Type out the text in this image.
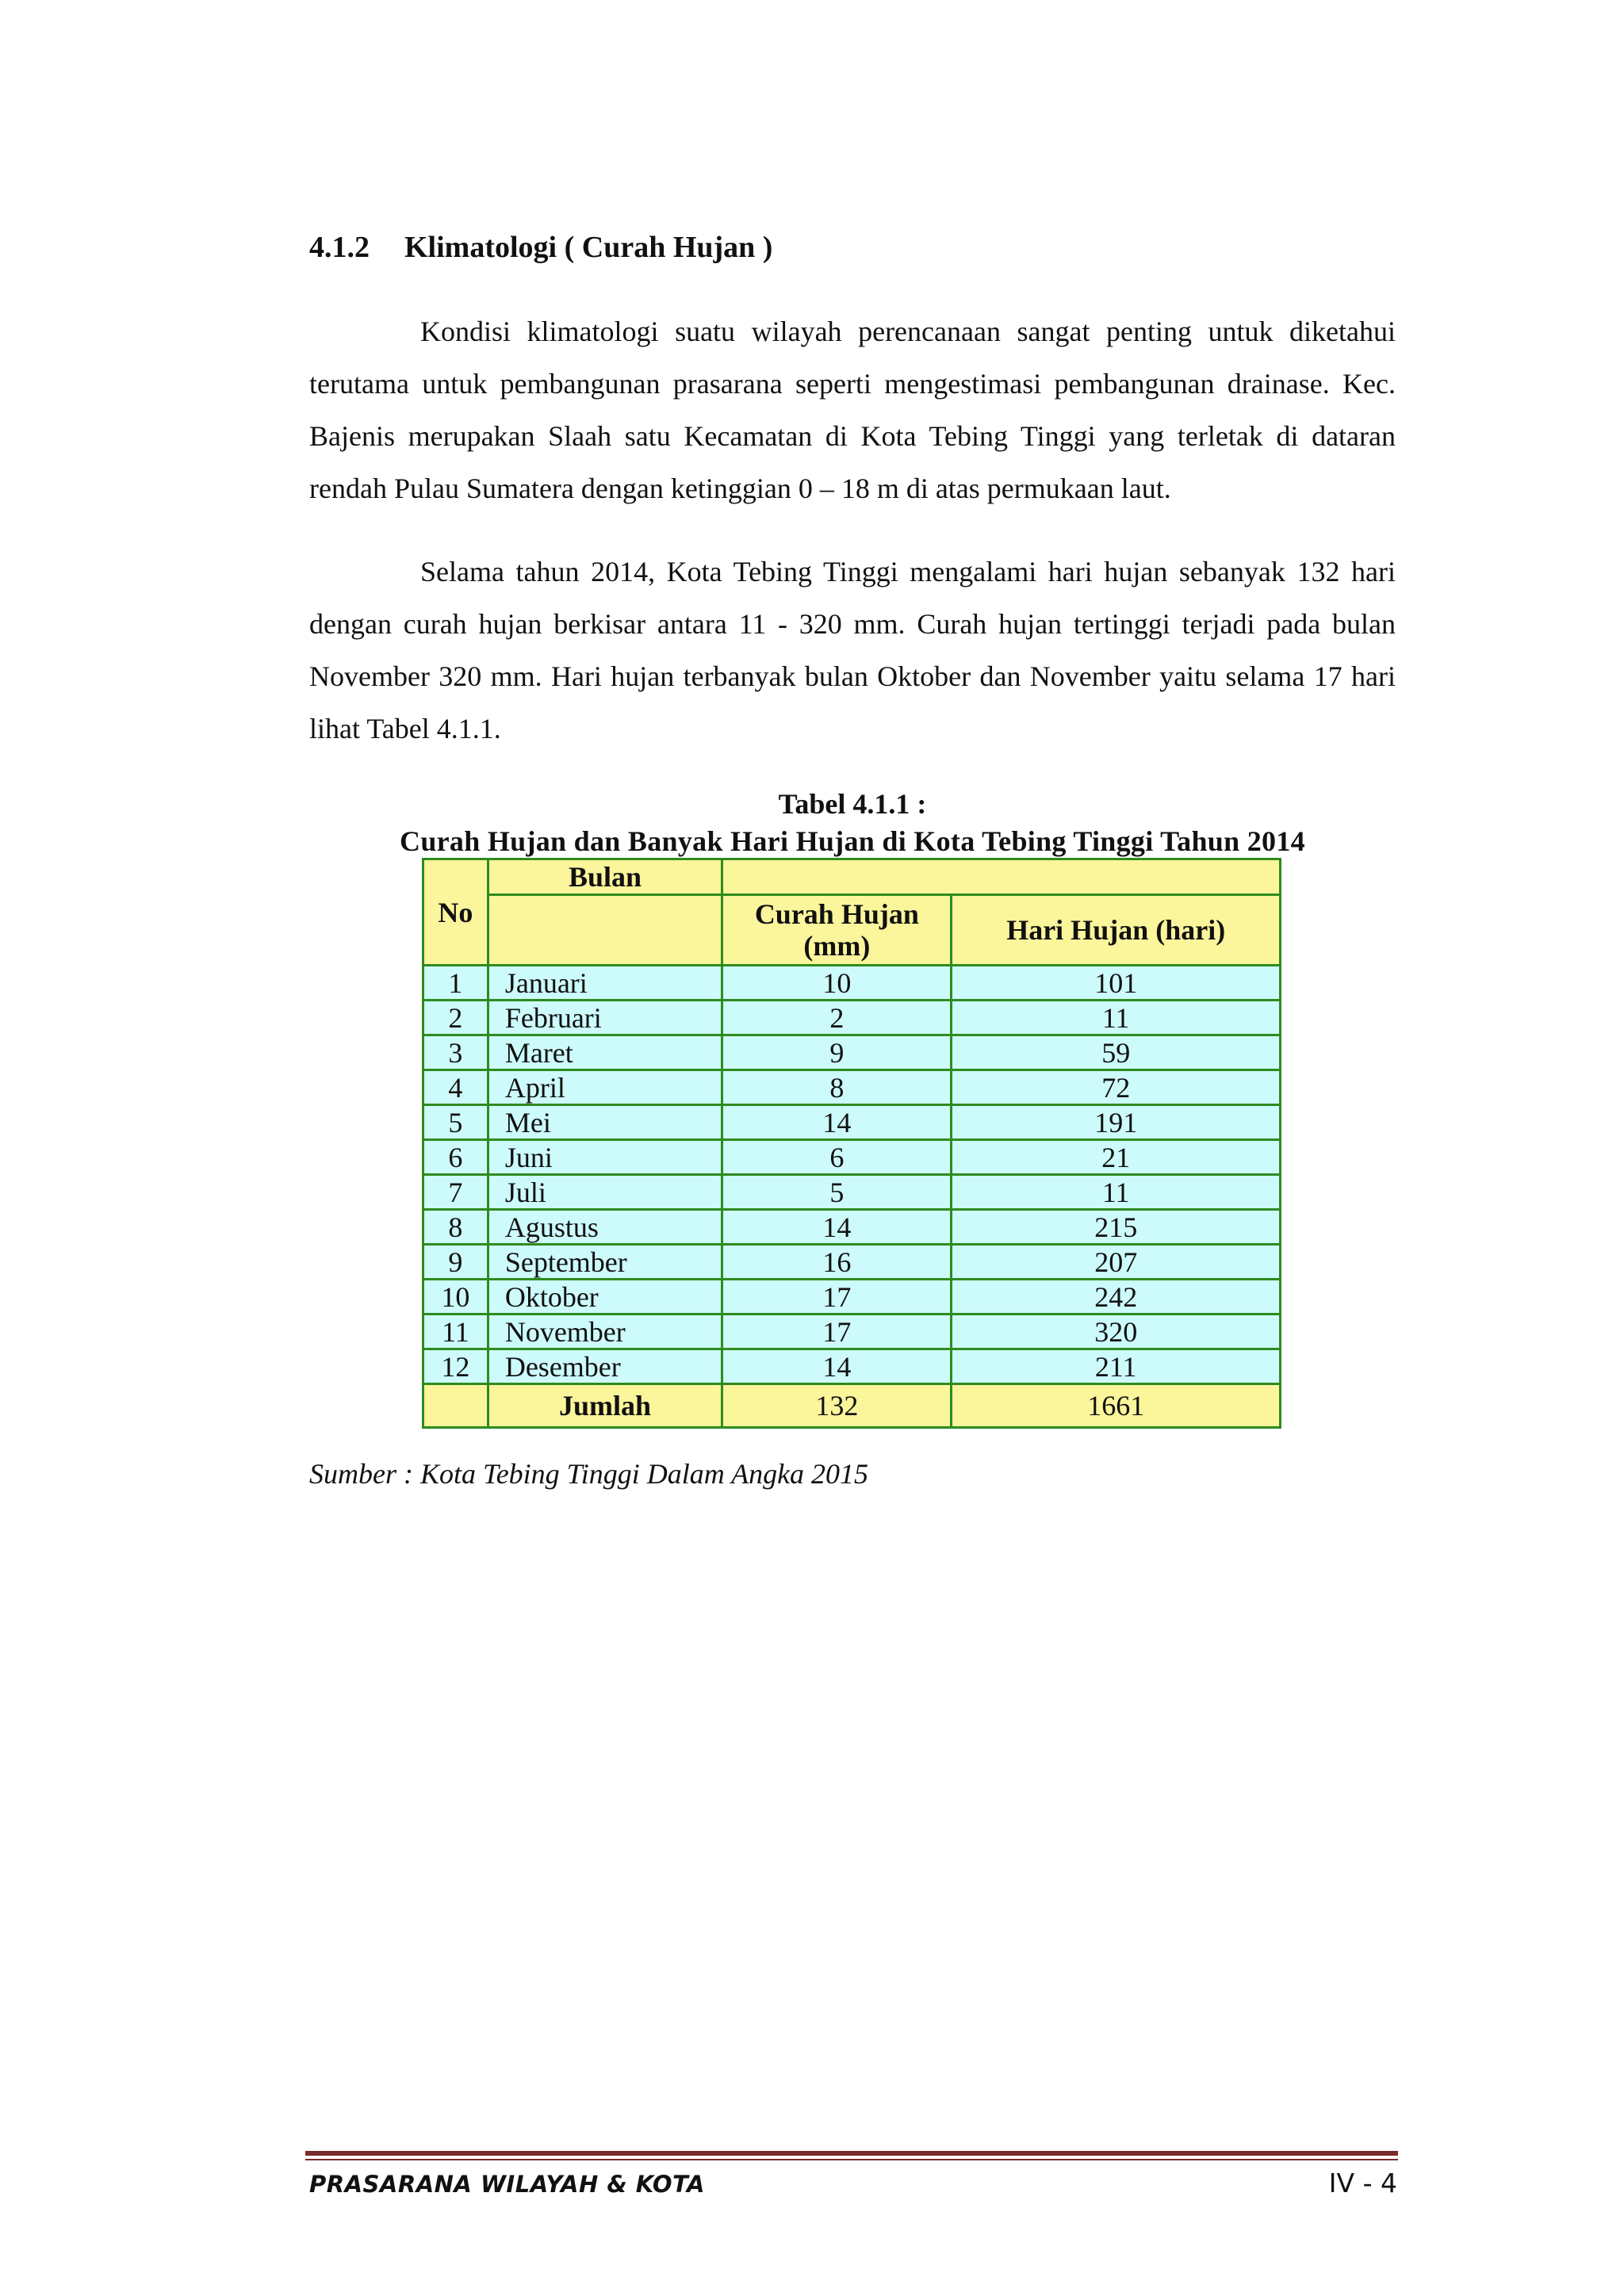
4.1.2 Klimatologi ( Curah Hujan )

Kondisi klimatologi suatu wilayah perencanaan sangat penting untuk diketahui terutama untuk pembangunan prasarana seperti mengestimasi pembangunan drainase. Kec. Bajenis merupakan Slaah satu Kecamatan di Kota Tebing Tinggi yang terletak di dataran rendah Pulau Sumatera dengan ketinggian 0 – 18 m di atas permukaan laut.

Selama tahun 2014, Kota Tebing Tinggi mengalami hari hujan sebanyak 132 hari dengan curah hujan berkisar antara 11 - 320 mm. Curah hujan tertinggi terjadi pada bulan November 320 mm. Hari hujan terbanyak bulan Oktober dan November yaitu selama 17 hari lihat Tabel 4.1.1.

Tabel 4.1.1 :
Curah Hujan dan Banyak Hari Hujan di Kota Tebing Tinggi Tahun 2014
No	Bulan		
		Curah Hujan (mm)	Hari Hujan (hari)
1	Januari	10	101
2	Februari	2	11
3	Maret	9	59
4	April	8	72
5	Mei	14	191
6	Juni	6	21
7	Juli	5	11
8	Agustus	14	215
9	September	16	207
10	Oktober	17	242
11	November	17	320
12	Desember	14	211
	Jumlah	132	1661
Sumber : Kota Tebing Tinggi Dalam Angka 2015
PRASARANA WILAYAH & KOTA	IV - 4
